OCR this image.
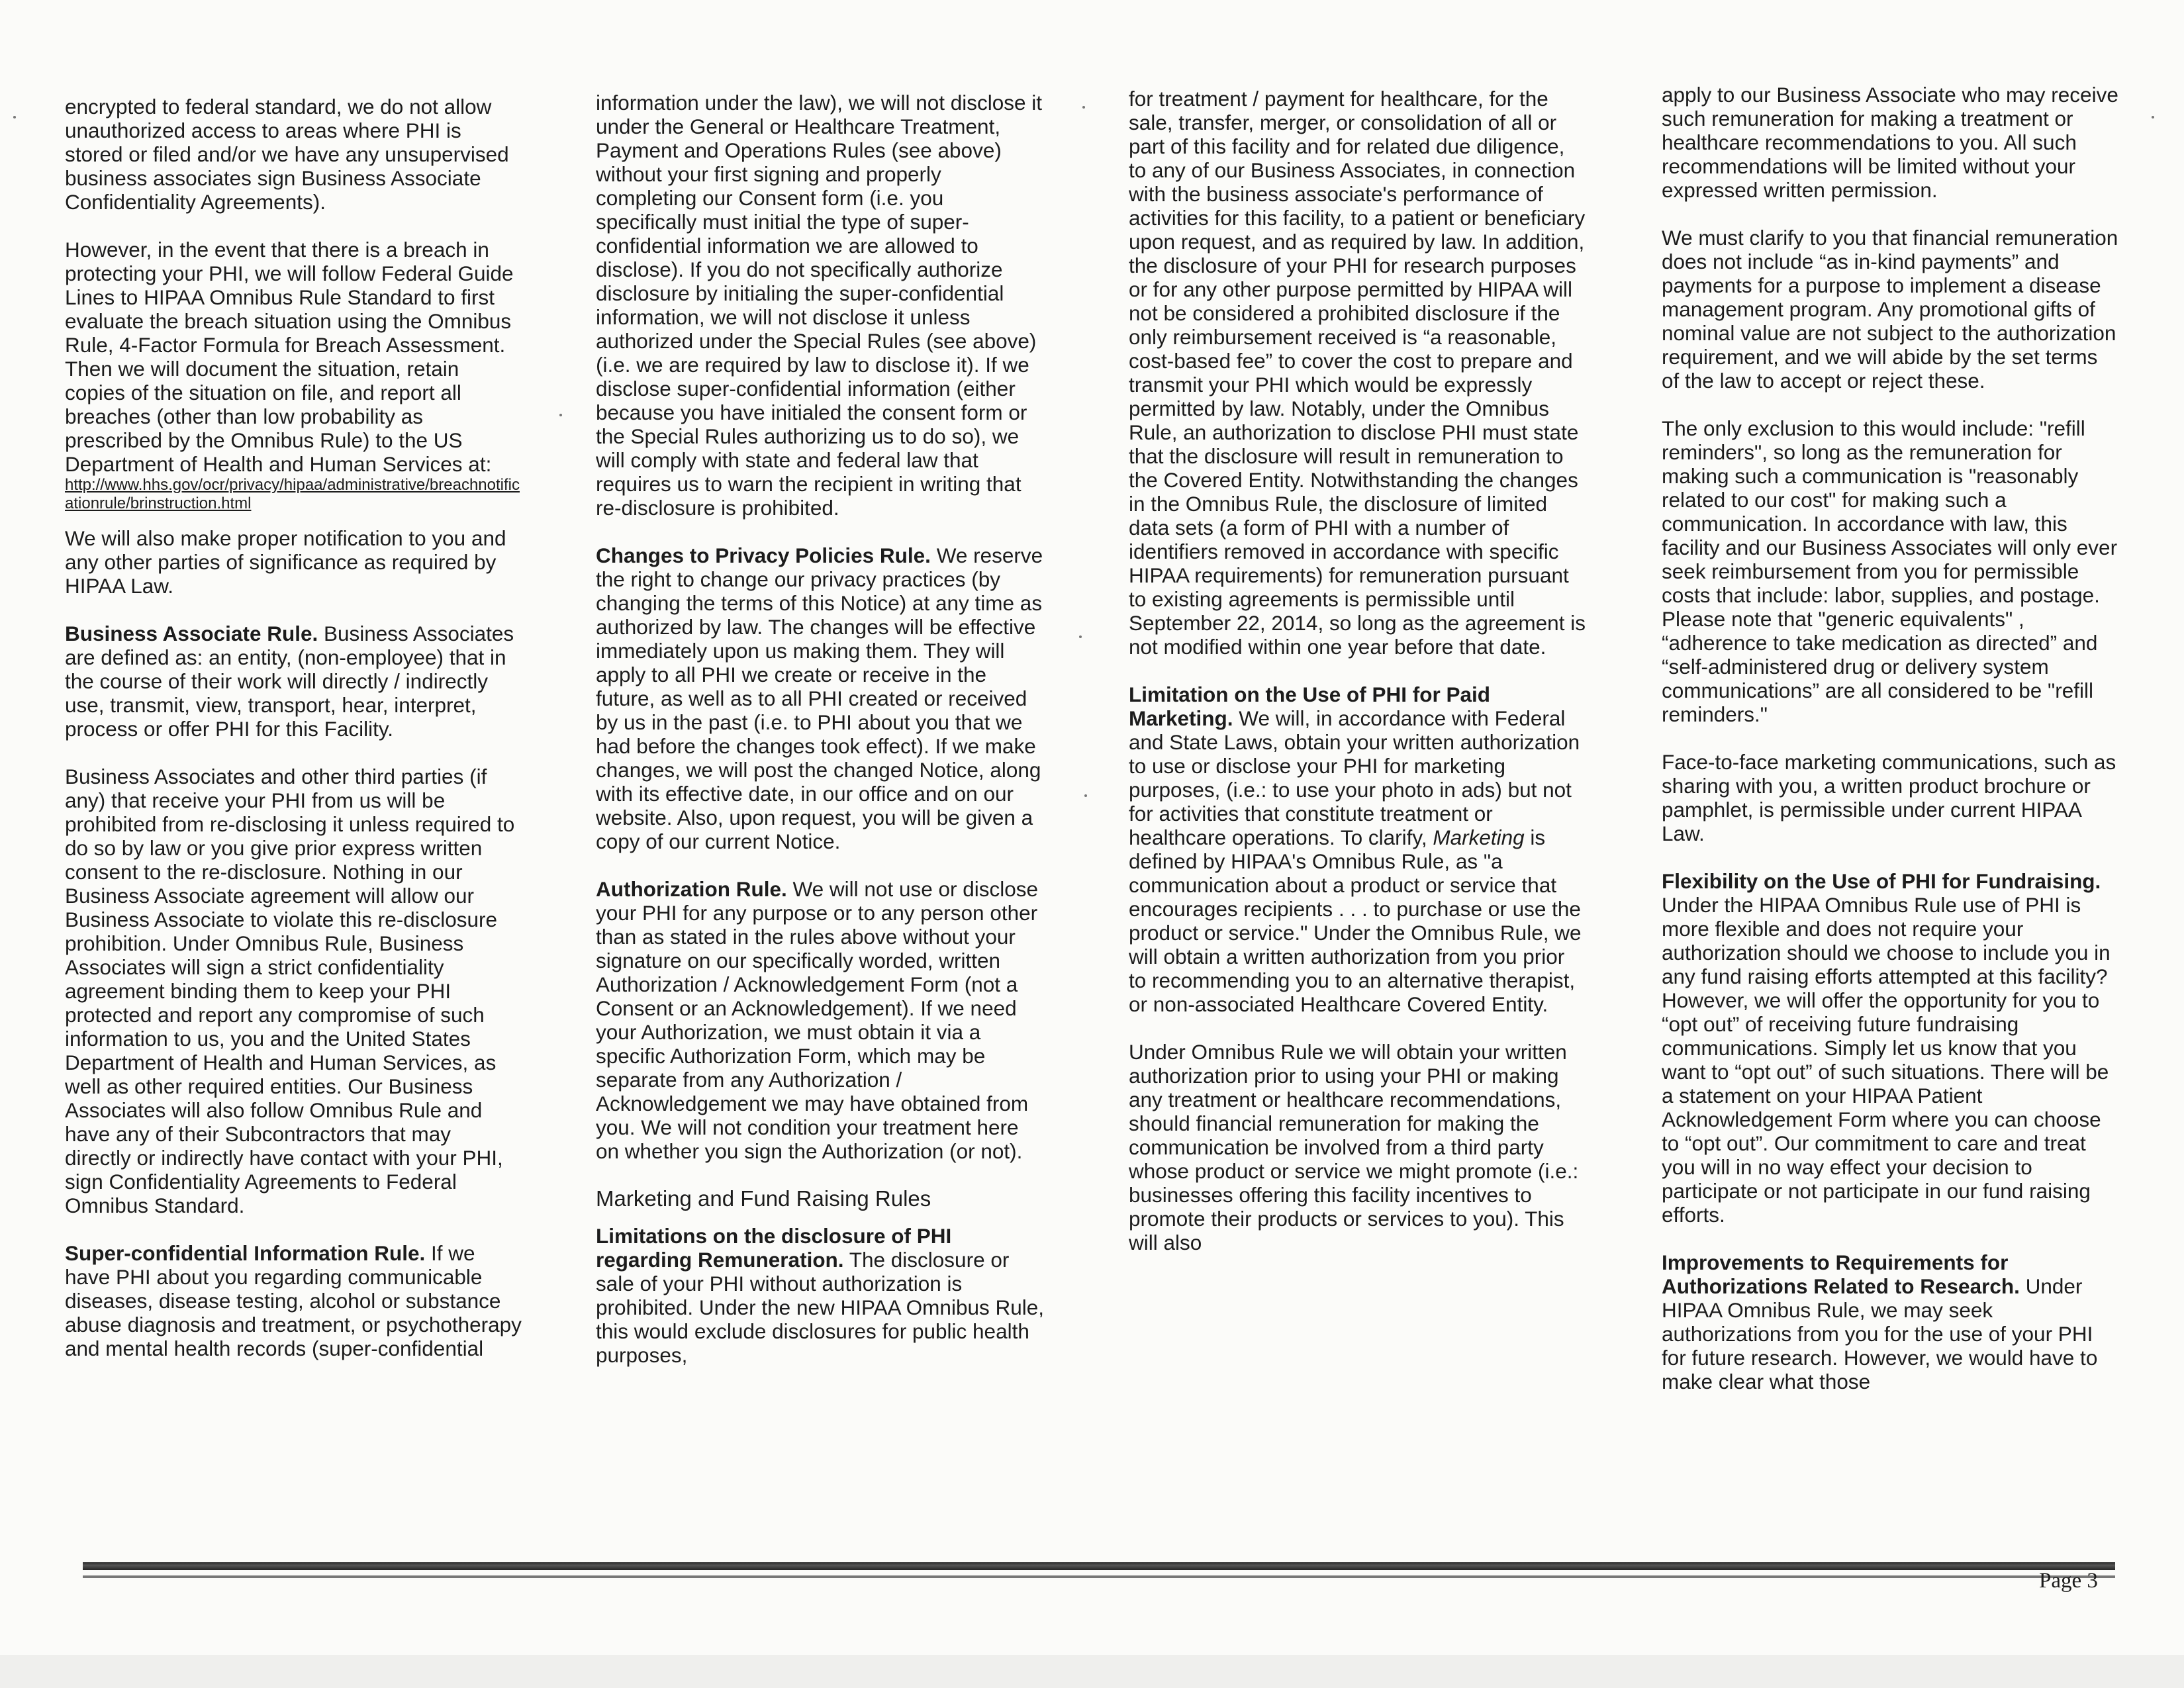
encrypted to federal standard, we do not allow unauthorized access to areas where PHI is stored or filed and/or we have any unsupervised business associates sign Business Associate Confidentiality Agreements).

However, in the event that there is a breach in protecting your PHI, we will follow Federal Guide Lines to HIPAA Omnibus Rule Standard to first evaluate the breach situation using the Omnibus Rule, 4-Factor Formula for Breach Assessment. Then we will document the situation, retain copies of the situation on file, and report all breaches (other than low probability as prescribed by the Omnibus Rule) to the US Department of Health and Human Services at:
http://www.hhs.gov/ocr/privacy/hipaa/administrative/breachnotificationrule/brinstruction.html

We will also make proper notification to you and any other parties of significance as required by HIPAA Law.

Business Associate Rule. Business Associates are defined as: an entity, (non-employee) that in the course of their work will directly / indirectly use, transmit, view, transport, hear, interpret, process or offer PHI for this Facility.

Business Associates and other third parties (if any) that receive your PHI from us will be prohibited from re-disclosing it unless required to do so by law or you give prior express written consent to the re-disclosure. Nothing in our Business Associate agreement will allow our Business Associate to violate this re-disclosure prohibition. Under Omnibus Rule, Business Associates will sign a strict confidentiality agreement binding them to keep your PHI protected and report any compromise of such information to us, you and the United States Department of Health and Human Services, as well as other required entities. Our Business Associates will also follow Omnibus Rule and have any of their Subcontractors that may directly or indirectly have contact with your PHI, sign Confidentiality Agreements to Federal Omnibus Standard.

Super-confidential Information Rule. If we have PHI about you regarding communicable diseases, disease testing, alcohol or substance abuse diagnosis and treatment, or psychotherapy and mental health records (super-confidential

information under the law), we will not disclose it under the General or Healthcare Treatment, Payment and Operations Rules (see above) without your first signing and properly completing our Consent form (i.e. you specifically must initial the type of super-confidential information we are allowed to disclose). If you do not specifically authorize disclosure by initialing the super-confidential information, we will not disclose it unless authorized under the Special Rules (see above) (i.e. we are required by law to disclose it). If we disclose super-confidential information (either because you have initialed the consent form or the Special Rules authorizing us to do so), we will comply with state and federal law that requires us to warn the recipient in writing that re-disclosure is prohibited.

Changes to Privacy Policies Rule. We reserve the right to change our privacy practices (by changing the terms of this Notice) at any time as authorized by law. The changes will be effective immediately upon us making them. They will apply to all PHI we create or receive in the future, as well as to all PHI created or received by us in the past (i.e. to PHI about you that we had before the changes took effect). If we make changes, we will post the changed Notice, along with its effective date, in our office and on our website. Also, upon request, you will be given a copy of our current Notice.

Authorization Rule. We will not use or disclose your PHI for any purpose or to any person other than as stated in the rules above without your signature on our specifically worded, written Authorization / Acknowledgement Form (not a Consent or an Acknowledgement). If we need your Authorization, we must obtain it via a specific Authorization Form, which may be separate from any Authorization / Acknowledgement we may have obtained from you. We will not condition your treatment here on whether you sign the Authorization (or not).

Marketing and Fund Raising Rules

Limitations on the disclosure of PHI regarding Remuneration. The disclosure or sale of your PHI without authorization is prohibited. Under the new HIPAA Omnibus Rule, this would exclude disclosures for public health purposes,

for treatment / payment for healthcare, for the sale, transfer, merger, or consolidation of all or part of this facility and for related due diligence, to any of our Business Associates, in connection with the business associate's performance of activities for this facility, to a patient or beneficiary upon request, and as required by law. In addition, the disclosure of your PHI for research purposes or for any other purpose permitted by HIPAA will not be considered a prohibited disclosure if the only reimbursement received is “a reasonable, cost-based fee” to cover the cost to prepare and transmit your PHI which would be expressly permitted by law. Notably, under the Omnibus Rule, an authorization to disclose PHI must state that the disclosure will result in remuneration to the Covered Entity. Notwithstanding the changes in the Omnibus Rule, the disclosure of limited data sets (a form of PHI with a number of identifiers removed in accordance with specific HIPAA requirements) for remuneration pursuant to existing agreements is permissible until September 22, 2014, so long as the agreement is not modified within one year before that date.

Limitation on the Use of PHI for Paid Marketing. We will, in accordance with Federal and State Laws, obtain your written authorization to use or disclose your PHI for marketing purposes, (i.e.: to use your photo in ads) but not for activities that constitute treatment or healthcare operations. To clarify, Marketing is defined by HIPAA's Omnibus Rule, as "a communication about a product or service that encourages recipients . . . to purchase or use the product or service." Under the Omnibus Rule, we will obtain a written authorization from you prior to recommending you to an alternative therapist, or non-associated Healthcare Covered Entity.

Under Omnibus Rule we will obtain your written authorization prior to using your PHI or making any treatment or healthcare recommendations, should financial remuneration for making the communication be involved from a third party whose product or service we might promote (i.e.: businesses offering this facility incentives to promote their products or services to you). This will also

apply to our Business Associate who may receive such remuneration for making a treatment or healthcare recommendations to you. All such recommendations will be limited without your expressed written permission.

We must clarify to you that financial remuneration does not include “as in-kind payments” and payments for a purpose to implement a disease management program. Any promotional gifts of nominal value are not subject to the authorization requirement, and we will abide by the set terms of the law to accept or reject these.

The only exclusion to this would include: "refill reminders", so long as the remuneration for making such a communication is "reasonably related to our cost" for making such a communication. In accordance with law, this facility and our Business Associates will only ever seek reimbursement from you for permissible costs that include: labor, supplies, and postage. Please note that "generic equivalents" , “adherence to take medication as directed” and “self-administered drug or delivery system communications” are all considered to be "refill reminders."

Face-to-face marketing communications, such as sharing with you, a written product brochure or pamphlet, is permissible under current HIPAA Law.

Flexibility on the Use of PHI for Fundraising. Under the HIPAA Omnibus Rule use of PHI is more flexible and does not require your authorization should we choose to include you in any fund raising efforts attempted at this facility? However, we will offer the opportunity for you to “opt out” of receiving future fundraising communications. Simply let us know that you want to “opt out” of such situations. There will be a statement on your HIPAA Patient Acknowledgement Form where you can choose to “opt out”. Our commitment to care and treat you will in no way effect your decision to participate or not participate in our fund raising efforts.

Improvements to Requirements for Authorizations Related to Research. Under HIPAA Omnibus Rule, we may seek authorizations from you for the use of your PHI for future research. However, we would have to make clear what those

Page 3
